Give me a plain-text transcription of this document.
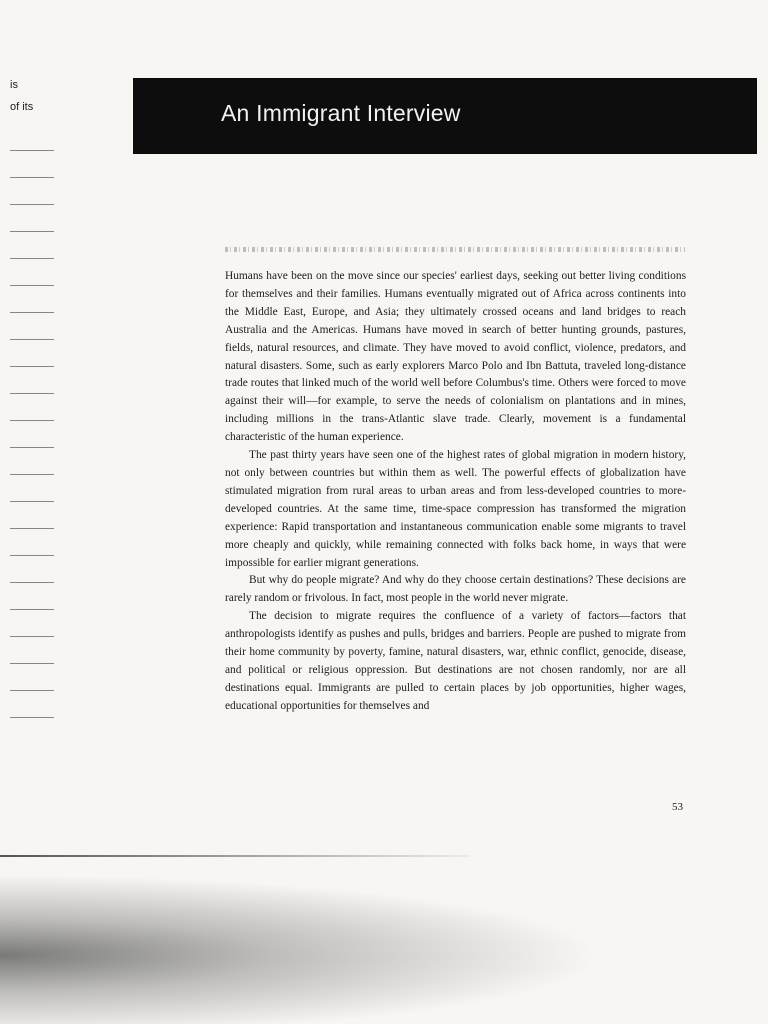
is
of its	An Immigrant Interview

Humans have been on the move since our species' earliest days, seeking out better living conditions for themselves and their families. Humans eventually migrated out of Africa across continents into the Middle East, Europe, and Asia; they ultimately crossed oceans and land bridges to reach Australia and the Americas. Humans have moved in search of better hunting grounds, pastures, fields, natural resources, and climate. They have moved to avoid conflict, violence, predators, and natural disasters. Some, such as early explorers Marco Polo and Ibn Battuta, traveled long-distance trade routes that linked much of the world well before Columbus's time. Others were forced to move against their will—for example, to serve the needs of colonialism on plantations and in mines, including millions in the trans-Atlantic slave trade. Clearly, movement is a fundamental characteristic of the human experience.

The past thirty years have seen one of the highest rates of global migration in modern history, not only between countries but within them as well. The powerful effects of globalization have stimulated migration from rural areas to urban areas and from less-developed countries to more-developed countries. At the same time, time-space compression has transformed the migration experience: Rapid transportation and instantaneous communication enable some migrants to travel more cheaply and quickly, while remaining connected with folks back home, in ways that were impossible for earlier migrant generations.

But why do people migrate? And why do they choose certain destinations? These decisions are rarely random or frivolous. In fact, most people in the world never migrate.

The decision to migrate requires the confluence of a variety of factors—factors that anthropologists identify as pushes and pulls, bridges and barriers. People are pushed to migrate from their home community by poverty, famine, natural disasters, war, ethnic conflict, genocide, disease, and political or religious oppression. But destinations are not chosen randomly, nor are all destinations equal. Immigrants are pulled to certain places by job opportunities, higher wages, educational opportunities for themselves and

53
